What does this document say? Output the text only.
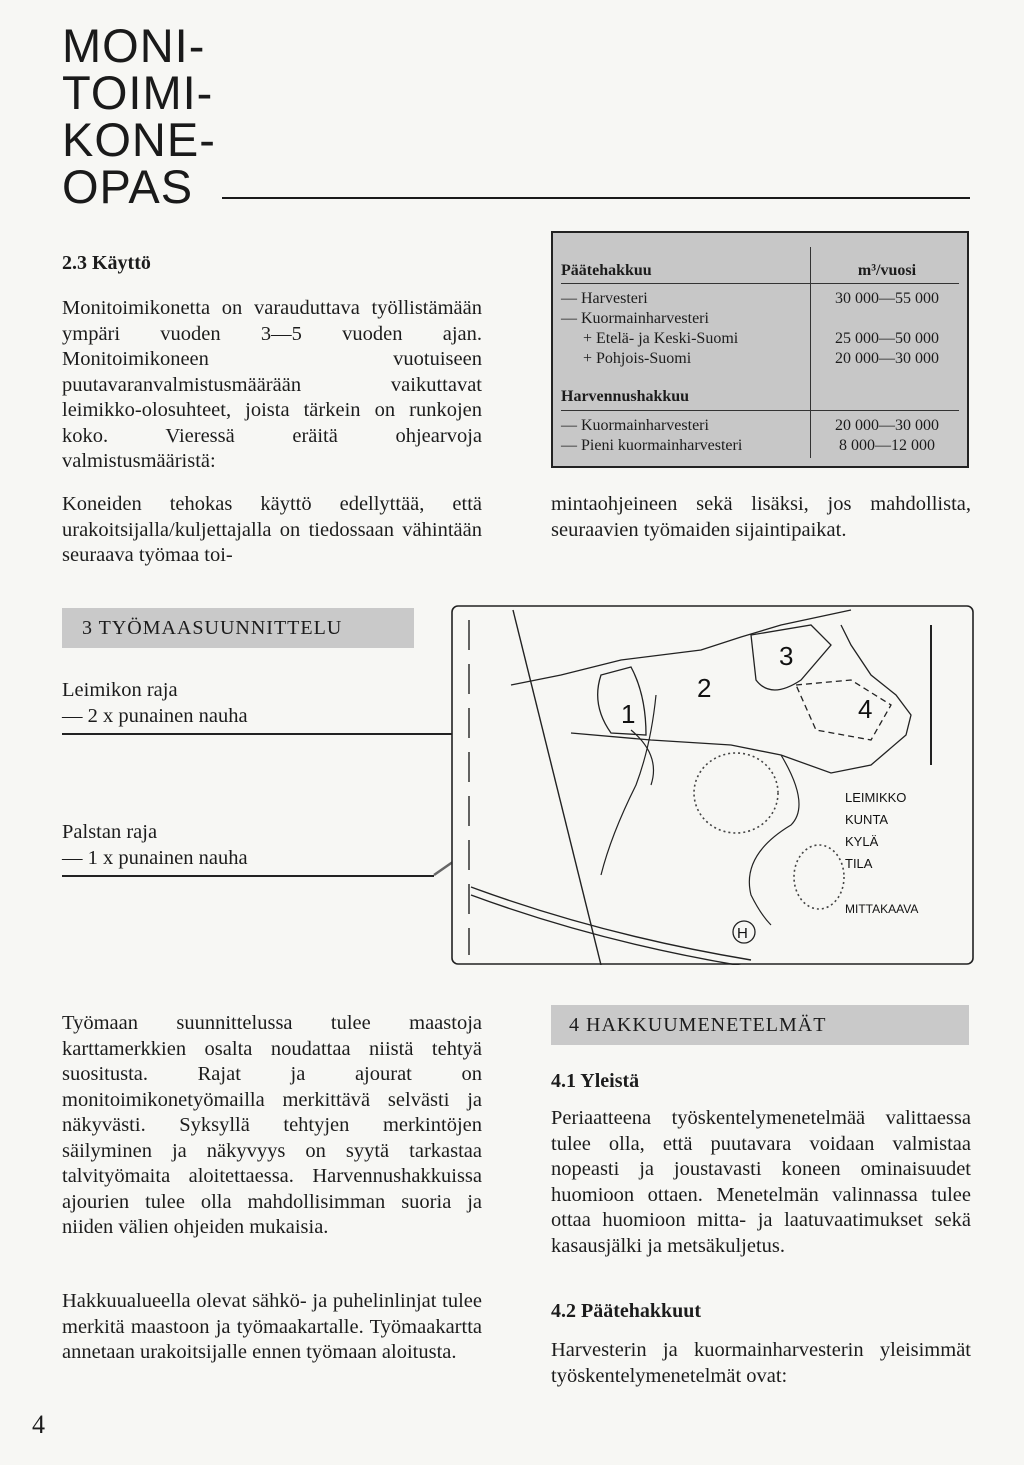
MONI-
TOIMI-
KONE-
OPAS
2.3 Käyttö

Monitoimikonetta on varauduttava työllistämään ympäri vuoden 3—5 vuoden ajan. Monitoimikoneen vuotuiseen puutavaranvalmistusmäärään vaikuttavat leimikko-olosuhteet, joista tärkein on runkojen koko. Vieressä eräitä ohjearvoja valmistusmääristä:

Koneiden tehokas käyttö edellyttää, että urakoitsijalla/kuljettajalla on tiedossaan vähintään seuraava työmaa toi-

mintaohjeineen sekä lisäksi, jos mahdollista, seuraavien työmaiden sijaintipaikat.

Päätehakkuu	m³/vuosi
— Harvesteri	30 000—55 000
— Kuormainharvesteri
+ Etelä- ja Keski-Suomi	25 000—50 000
+ Pohjois-Suomi	20 000—30 000
Harvennushakkuu
— Kuormainharvesteri	20 000—30 000
— Pieni kuormainharvesteri	8 000—12 000
3 TYÖMAASUUNNITTELU

Leimikon raja

— 2 x punainen nauha

Palstan raja

— 1 x punainen nauha

1
2
3
4
H
LEIMIKKO
KUNTA
KYLÄ
TILA
MITTAKAAVA

Työmaan suunnittelussa tulee maastoja karttamerkkien osalta noudattaa niistä tehtyä suositusta. Rajat ja ajourat on monitoimikonetyömailla merkittävä selvästi ja näkyvästi. Syksyllä tehtyjen merkintöjen säilyminen ja näkyvyys on syytä tarkastaa talvityömaita aloitettaessa. Harvennushakkuissa ajourien tulee olla mahdollisimman suoria ja niiden välien ohjeiden mukaisia.

Hakkuualueella olevat sähkö- ja puhelinlinjat tulee merkitä maastoon ja työmaakartalle. Työmaakartta annetaan urakoitsijalle ennen työmaan aloitusta.

4 HAKKUUMENETELMÄT
4.1 Yleistä

Periaatteena työskentelymenetelmää valittaessa tulee olla, että puutavara voidaan valmistaa nopeasti ja joustavasti koneen ominaisuudet huomioon ottaen. Menetelmän valinnassa tulee ottaa huomioon mitta- ja laatuvaatimukset sekä kasausjälki ja metsäkuljetus.

4.2 Päätehakkuut

Harvesterin ja kuormainharvesterin yleisimmät työskentelymenetelmät ovat:

4
